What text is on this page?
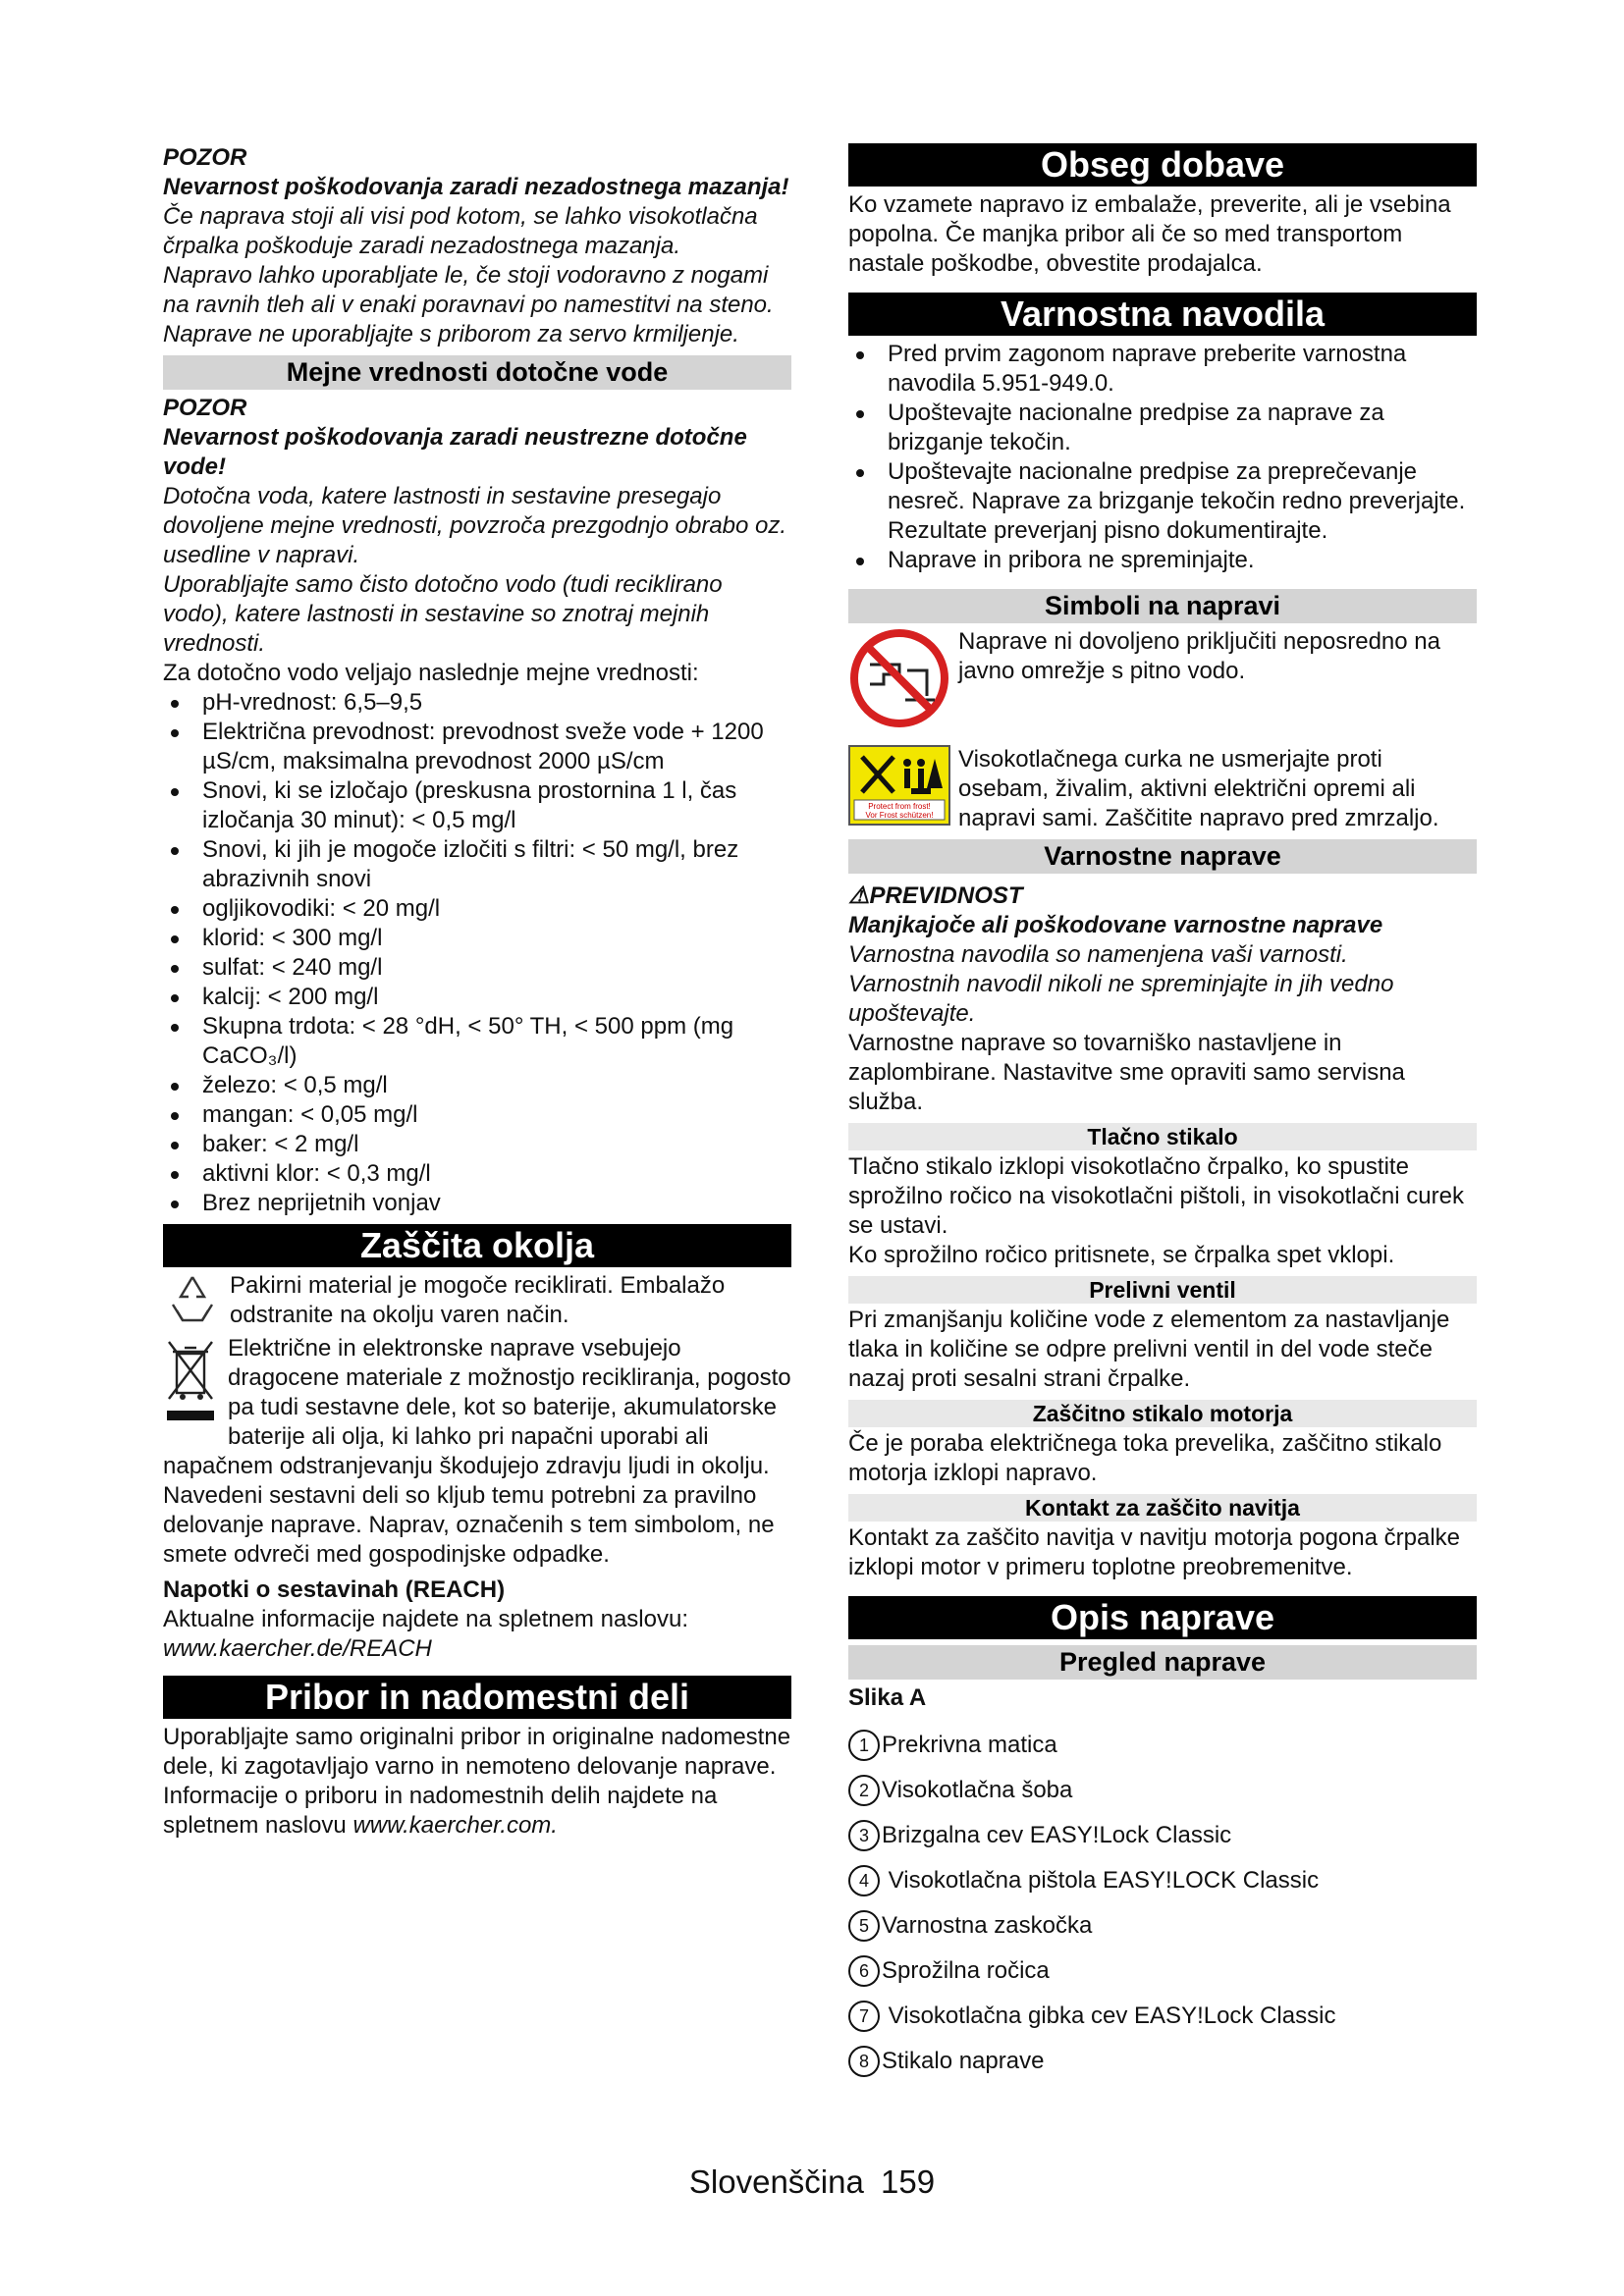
POZOR

Nevarnost poškodovanja zaradi nezadostnega mazanja!

Če naprava stoji ali visi pod kotom, se lahko visokotlačna črpalka poškoduje zaradi nezadostnega mazanja.

Napravo lahko uporabljate le, če stoji vodoravno z nogami na ravnih tleh ali v enaki poravnavi po namestitvi na steno.

Naprave ne uporabljajte s priborom za servo krmiljenje.

Mejne vrednosti dotočne vode

POZOR

Nevarnost poškodovanja zaradi neustrezne dotočne vode!

Dotočna voda, katere lastnosti in sestavine presegajo dovoljene mejne vrednosti, povzroča prezgodnjo obrabo oz. usedline v napravi.

Uporabljajte samo čisto dotočno vodo (tudi reciklirano vodo), katere lastnosti in sestavine so znotraj mejnih vrednosti.

Za dotočno vodo veljajo naslednje mejne vrednosti:

pH-vrednost: 6,5–9,5
Električna prevodnost: prevodnost sveže vode + 1200 µS/cm, maksimalna prevodnost 2000 µS/cm
Snovi, ki se izločajo (preskusna prostornina 1 l, čas izločanja 30 minut): < 0,5 mg/l
Snovi, ki jih je mogoče izločiti s filtri: < 50 mg/l, brez abrazivnih snovi
ogljikovodiki: < 20 mg/l
klorid: < 300 mg/l
sulfat: < 240 mg/l
kalcij: < 200 mg/l
Skupna trdota: < 28 °dH, < 50° TH, < 500 ppm (mg CaCO₃/l)
železo: < 0,5 mg/l
mangan: < 0,05 mg/l
baker: < 2 mg/l
aktivni klor: < 0,3 mg/l
Brez neprijetnih vonjav
Zaščita okolja

Pakirni material je mogoče reciklirati. Embalažo odstranite na okolju varen način.

Električne in elektronske naprave vsebujejo dragocene materiale z možnostjo recikliranja, pogosto pa tudi sestavne dele, kot so baterije, akumulatorske baterije ali olja, ki lahko pri napačni uporabi ali napačnem odstranjevanju škodujejo zdravju ljudi in okolju. Navedeni sestavni deli so kljub temu potrebni za pravilno delovanje naprave. Naprav, označenih s tem simbolom, ne smete odvreči med gospodinjske odpadke.

Napotki o sestavinah (REACH)

Aktualne informacije najdete na spletnem naslovu:

www.kaercher.de/REACH

Pribor in nadomestni deli

Uporabljajte samo originalni pribor in originalne nadomestne dele, ki zagotavljajo varno in nemoteno delovanje naprave.

Informacije o priboru in nadomestnih delih najdete na spletnem naslovu www.kaercher.com.

Obseg dobave

Ko vzamete napravo iz embalaže, preverite, ali je vsebina popolna. Če manjka pribor ali če so med transportom nastale poškodbe, obvestite prodajalca.

Varnostna navodila
Pred prvim zagonom naprave preberite varnostna navodila 5.951-949.0.
Upoštevajte nacionalne predpise za naprave za brizganje tekočin.
Upoštevajte nacionalne predpise za preprečevanje nesreč. Naprave za brizganje tekočin redno preverjajte. Rezultate preverjanj pisno dokumentirajte.
Naprave in pribora ne spreminjajte.
Simboli na napravi

Naprave ni dovoljeno priključiti neposredno na javno omrežje s pitno vodo.

Protect from frost!
Vor Frost schützen!

Visokotlačnega curka ne usmerjajte proti osebam, živalim, aktivni električni opremi ali napravi sami. Zaščitite napravo pred zmrzaljo.

Varnostne naprave

⚠PREVIDNOST

Manjkajoče ali poškodovane varnostne naprave

Varnostna navodila so namenjena vaši varnosti.

Varnostnih navodil nikoli ne spreminjajte in jih vedno upoštevajte.

Varnostne naprave so tovarniško nastavljene in zaplombirane. Nastavitve sme opraviti samo servisna služba.

Tlačno stikalo

Tlačno stikalo izklopi visokotlačno črpalko, ko spustite sprožilno ročico na visokotlačni pištoli, in visokotlačni curek se ustavi.

Ko sprožilno ročico pritisnete, se črpalka spet vklopi.

Prelivni ventil

Pri zmanjšanju količine vode z elementom za nastavljanje tlaka in količine se odpre prelivni ventil in del vode steče nazaj proti sesalni strani črpalke.

Zaščitno stikalo motorja

Če je poraba električnega toka prevelika, zaščitno stikalo motorja izklopi napravo.

Kontakt za zaščito navitja

Kontakt za zaščito navitja v navitju motorja pogona črpalke izklopi motor v primeru toplotne preobremenitve.

Opis naprave
Pregled naprave

Slika A

1 Prekrivna matica
2 Visokotlačna šoba
3 Brizgalna cev EASY!Lock Classic
4 Visokotlačna pištola EASY!LOCK Classic
5 Varnostna zaskočka
6 Sprožilna ročica
7 Visokotlačna gibka cev EASY!Lock Classic
8 Stikalo naprave
Slovenščina 159
